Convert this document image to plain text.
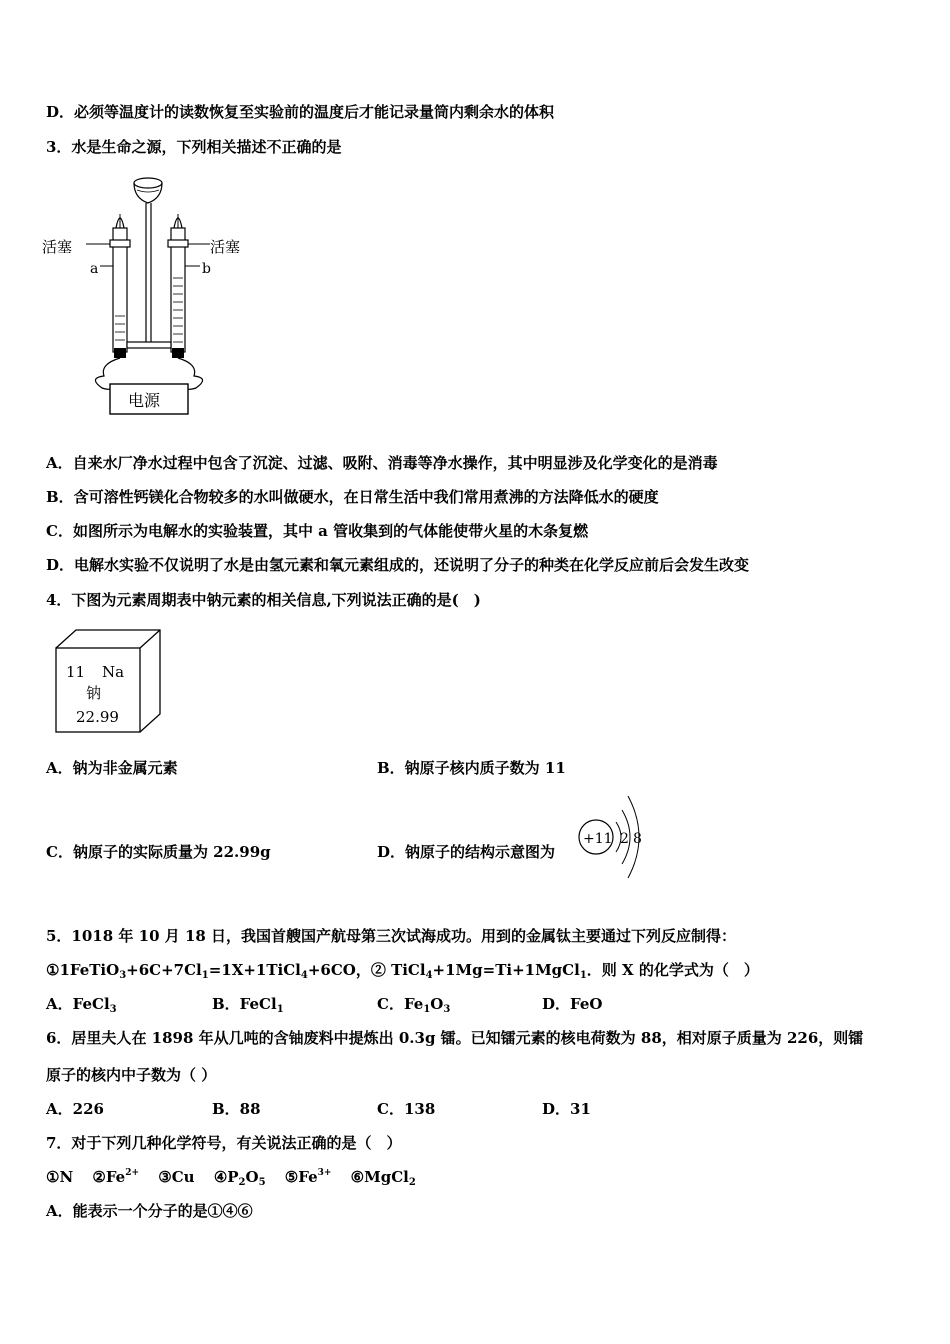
D．必须等温度计的读数恢复至实验前的温度后才能记录量筒内剩余水的体积
3．水是生命之源，下列相关描述不正确的是
活塞	活塞
a	b
电源
A．自来水厂净水过程中包含了沉淀、过滤、吸附、消毒等净水操作，其中明显涉及化学变化的是消毒
B．含可溶性钙镁化合物较多的水叫做硬水，在日常生活中我们常用煮沸的方法降低水的硬度
C．如图所示为电解水的实验装置，其中 a 管收集到的气体能使带火星的木条复燃
D．电解水实验不仅说明了水是由氢元素和氧元素组成的，还说明了分子的种类在化学反应前后会发生改变
4．下图为元素周期表中钠元素的相关信息,下列说法正确的是(　)
11 Na
钠
22.99
A．钠为非金属元素	B．钠原子核内质子数为 11
C．钠原子的实际质量为 22.99g	D．钠原子的结构示意图为
+11 2 8
5．1018 年 10 月 18 日，我国首艘国产航母第三次试海成功。用到的金属钛主要通过下列反应制得：
$①1FeTiO_3+6C+7Cl_1=1X+1TiCl_4+6CO$，② TiCl$_4$+1Mg=Ti+1MgCl$_1$．则 X 的化学式为（　）
A．FeCl$_3$	B．FeCl$_1$	C．$Fe_1O_3$	D．FeO
6．居里夫人在 1898 年从几吨的含铀废料中提炼出 0.3g 镭。已知镭元素的核电荷数为 88，相对原子质量为 226，则镭
原子的核内中子数为（ ）
A．226	B．88	C．138	D．31
7．对于下列几种化学符号，有关说法正确的是（　）
①N $②Fe^{2+}$ ③Cu $④P_2O_5$ $⑤Fe^{3+}$ ⑥MgCl$_2$
A．能表示一个分子的是①④⑥
